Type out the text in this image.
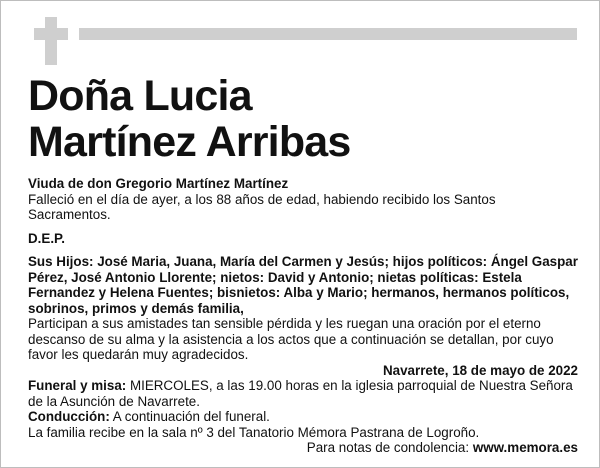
Doña Lucia
Martínez Arribas

Viuda de don Gregorio Martínez Martínez

Falleció en el día de ayer, a los 88 años de edad, habiendo recibido los Santos Sacramentos.

D.E.P.

Sus Hijos: José Maria, Juana, María del Carmen y Jesús; hijos políticos: Ángel Gaspar Pérez, José Antonio Llorente; nietos: David y Antonio; nietas políticas: Estela Fernandez y Helena Fuentes; bisnietos: Alba y Mario; hermanos, hermanos políticos, sobrinos, primos y demás familia,

Participan a sus amistades tan sensible pérdida y les ruegan una oración por el eterno descanso de su alma y la asistencia a los actos que a continuación se detallan, por cuyo favor les quedarán muy agradecidos.

Navarrete, 18 de mayo de 2022

Funeral y misa: MIERCOLES, a las 19.00 horas en la iglesia parroquial de Nuestra Señora de la Asunción de Navarrete.

Conducción: A continuación del funeral.

La familia recibe en la sala nº 3 del Tanatorio Mémora Pastrana de Logroño.

Para notas de condolencia: www.memora.es
